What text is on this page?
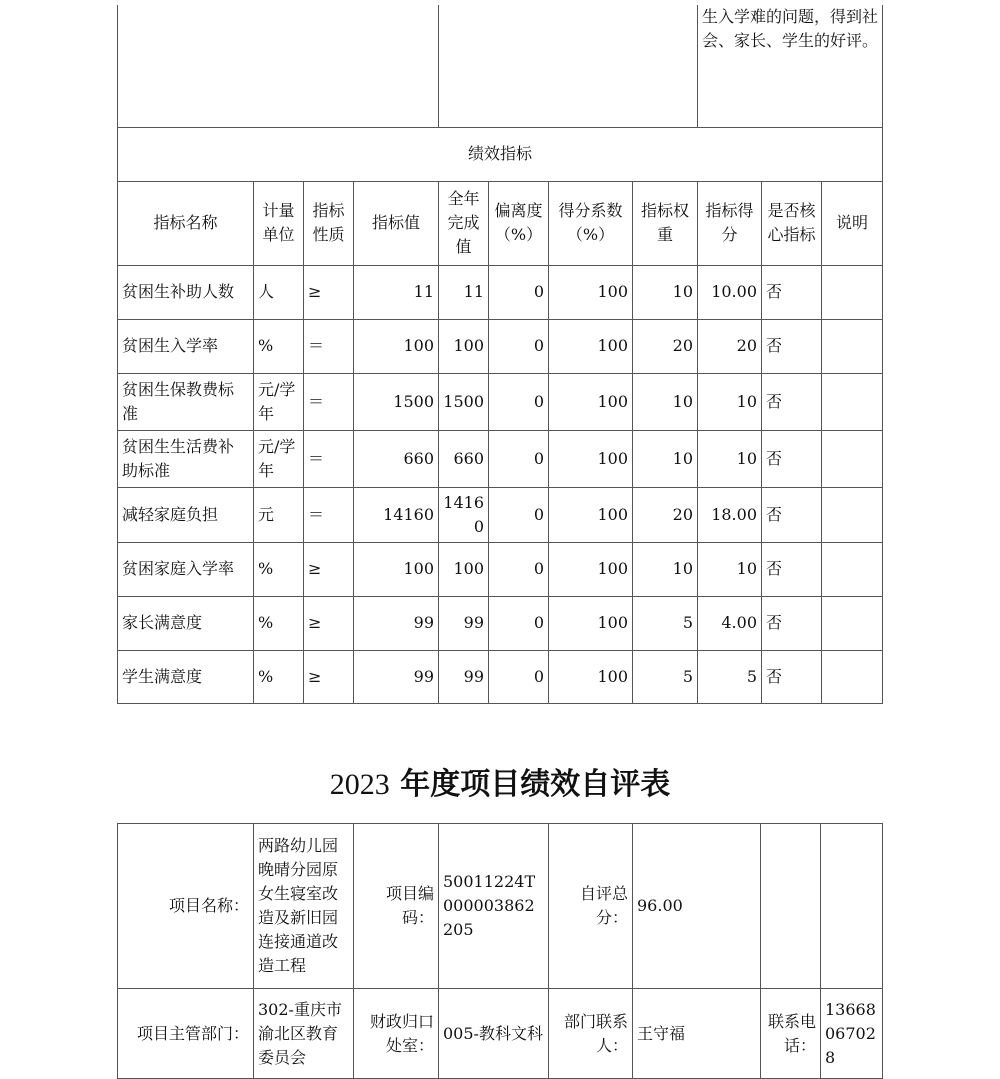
								生入学难的问题，得到社会、家长、学生的好评。		
绩效指标										
指标名称	计量单位	指标性质	指标值	全年完成值	偏离度（%）	得分系数（%）	指标权重	指标得分	是否核心指标	说明
贫困生补助人数	人	≥	11	11	0	100	10	10.00	否	
贫困生入学率	%	＝	100	100	0	100	20	20	否	
贫困生保教费标准	元/学年	＝	1500	1500	0	100	10	10	否	
贫困生生活费补助标准	元/学年	＝	660	660	0	100	10	10	否	
减轻家庭负担	元	＝	14160	14160	0	100	20	18.00	否	
贫困家庭入学率	%	≥	100	100	0	100	10	10	否	
家长满意度	%	≥	99	99	0	100	5	4.00	否	
学生满意度	%	≥	99	99	0	100	5	5	否	
2023 年度项目绩效自评表
项目名称：	两路幼儿园晚晴分园原女生寝室改造及新旧园连接通道改造工程	项目编码：	50011224T000003862205	自评总分：	96.00		
项目主管部门：	302-重庆市渝北区教育委员会	财政归口处室：	005-教科文科	部门联系人：	王守福	联系电话：	13668067028
